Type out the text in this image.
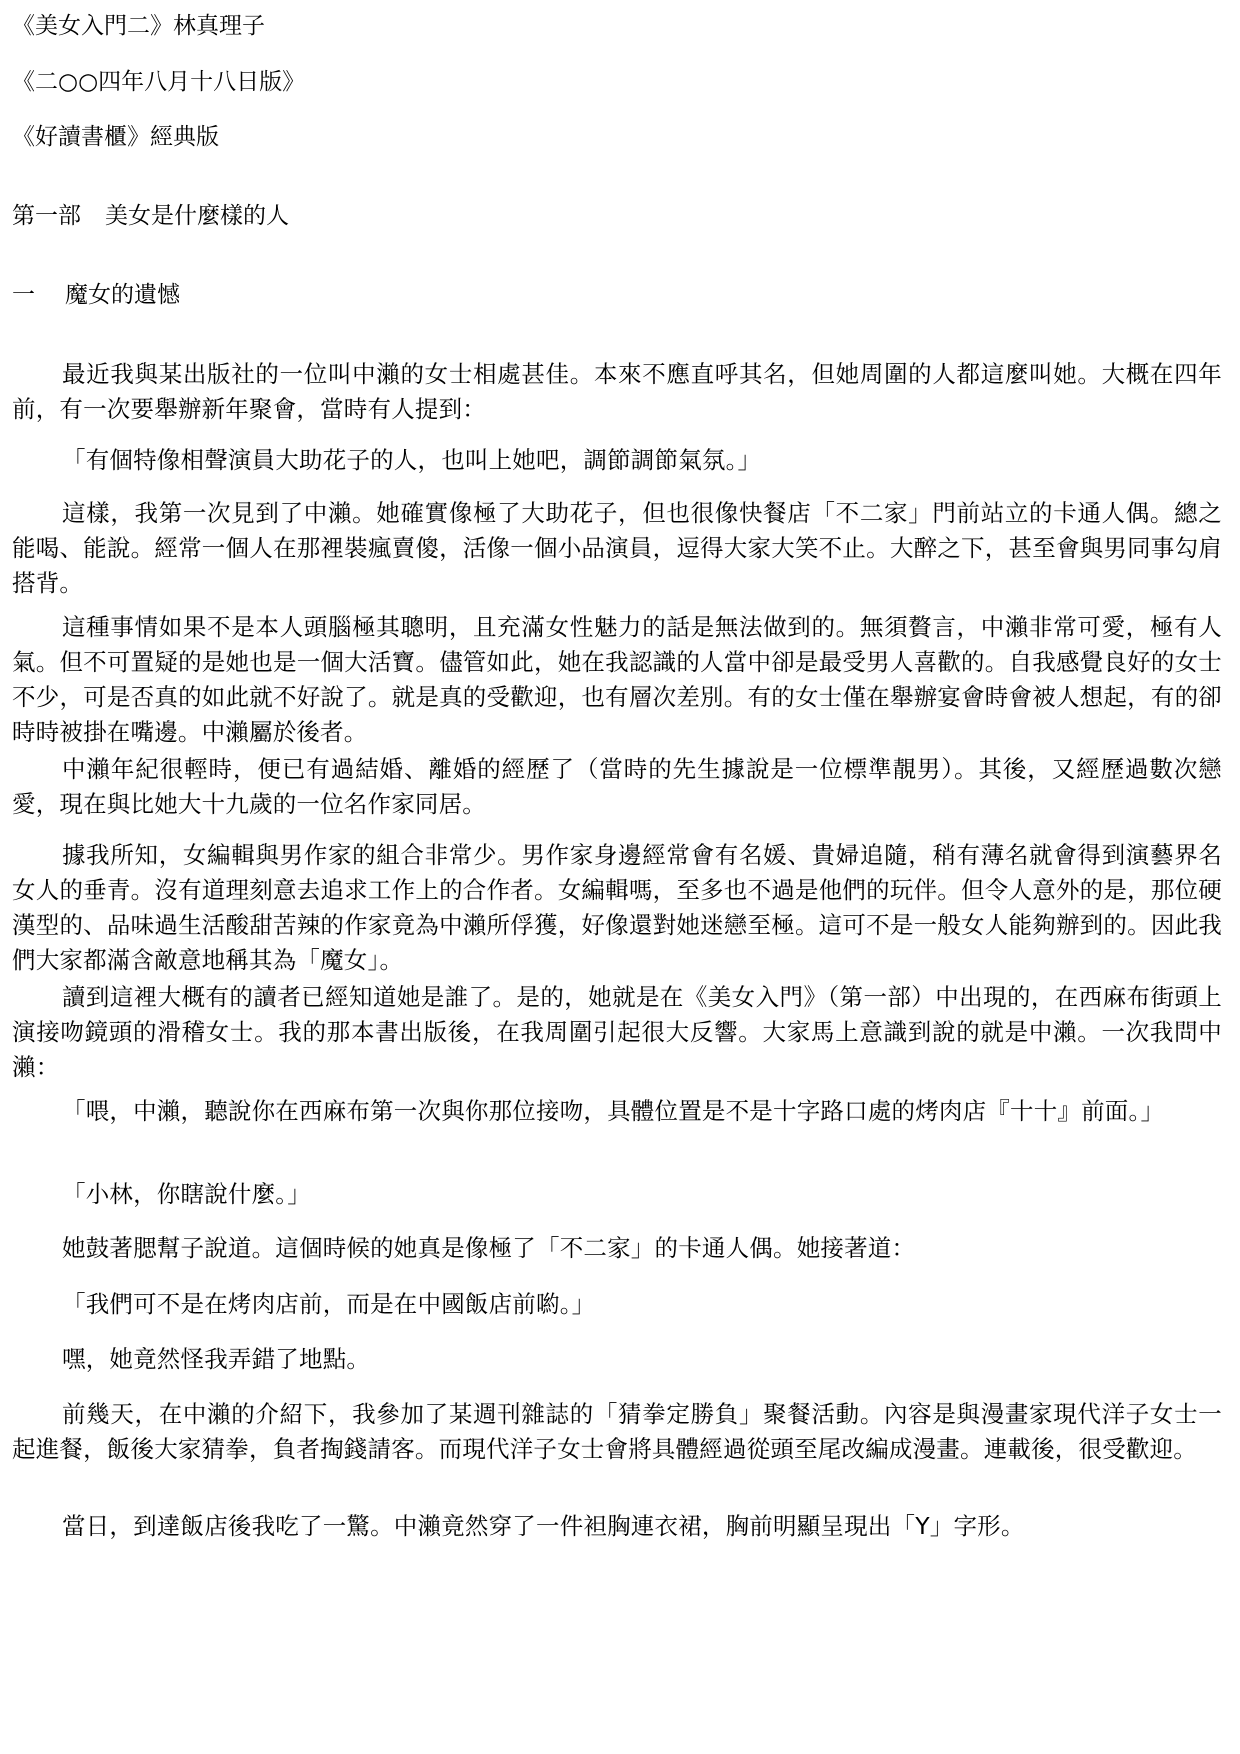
《美女入門二》林真理子
《二○○四年八月十八日版》
《好讀書櫃》經典版
第一部 美女是什麼樣的人
一 魔女的遺憾
最近我與某出版社的一位叫中瀨的女士相處甚佳。本來不應直呼其名，但她周圍的人都這麼叫她。大概在四年前，有一次要舉辦新年聚會，當時有人提到：
「有個特像相聲演員大助花子的人，也叫上她吧，調節調節氣氛。」
這樣，我第一次見到了中瀨。她確實像極了大助花子，但也很像快餐店「不二家」門前站立的卡通人偶。總之能喝、能說。經常一個人在那裡裝瘋賣傻，活像一個小品演員，逗得大家大笑不止。大醉之下，甚至會與男同事勾肩搭背。
這種事情如果不是本人頭腦極其聰明，且充滿女性魅力的話是無法做到的。無須贅言，中瀨非常可愛，極有人氣。但不可置疑的是她也是一個大活寶。儘管如此，她在我認識的人當中卻是最受男人喜歡的。自我感覺良好的女士不少，可是否真的如此就不好說了。就是真的受歡迎，也有層次差別。有的女士僅在舉辦宴會時會被人想起，有的卻時時被掛在嘴邊。中瀨屬於後者。
中瀨年紀很輕時，便已有過結婚、離婚的經歷了（當時的先生據說是一位標準靚男）。其後，又經歷過數次戀愛，現在與比她大十九歲的一位名作家同居。
據我所知，女編輯與男作家的組合非常少。男作家身邊經常會有名媛、貴婦追隨，稍有薄名就會得到演藝界名女人的垂青。沒有道理刻意去追求工作上的合作者。女編輯嗎，至多也不過是他們的玩伴。但令人意外的是，那位硬漢型的、品味過生活酸甜苦辣的作家竟為中瀨所俘獲，好像還對她迷戀至極。這可不是一般女人能夠辦到的。因此我們大家都滿含敵意地稱其為「魔女」。
讀到這裡大概有的讀者已經知道她是誰了。是的，她就是在《美女入門》（第一部）中出現的，在西麻布街頭上演接吻鏡頭的滑稽女士。我的那本書出版後，在我周圍引起很大反響。大家馬上意識到說的就是中瀨。一次我問中瀨：
「喂，中瀨，聽說你在西麻布第一次與你那位接吻，具體位置是不是十字路口處的烤肉店『十十』前面。」
「小林，你瞎說什麼。」
她鼓著腮幫子說道。這個時候的她真是像極了「不二家」的卡通人偶。她接著道：
「我們可不是在烤肉店前，而是在中國飯店前喲。」
嘿，她竟然怪我弄錯了地點。
前幾天，在中瀨的介紹下，我參加了某週刊雜誌的「猜拳定勝負」聚餐活動。內容是與漫畫家現代洋子女士一起進餐，飯後大家猜拳，負者掏錢請客。而現代洋子女士會將具體經過從頭至尾改編成漫畫。連載後，很受歡迎。
當日，到達飯店後我吃了一驚。中瀨竟然穿了一件袒胸連衣裙，胸前明顯呈現出「Y」字形。
